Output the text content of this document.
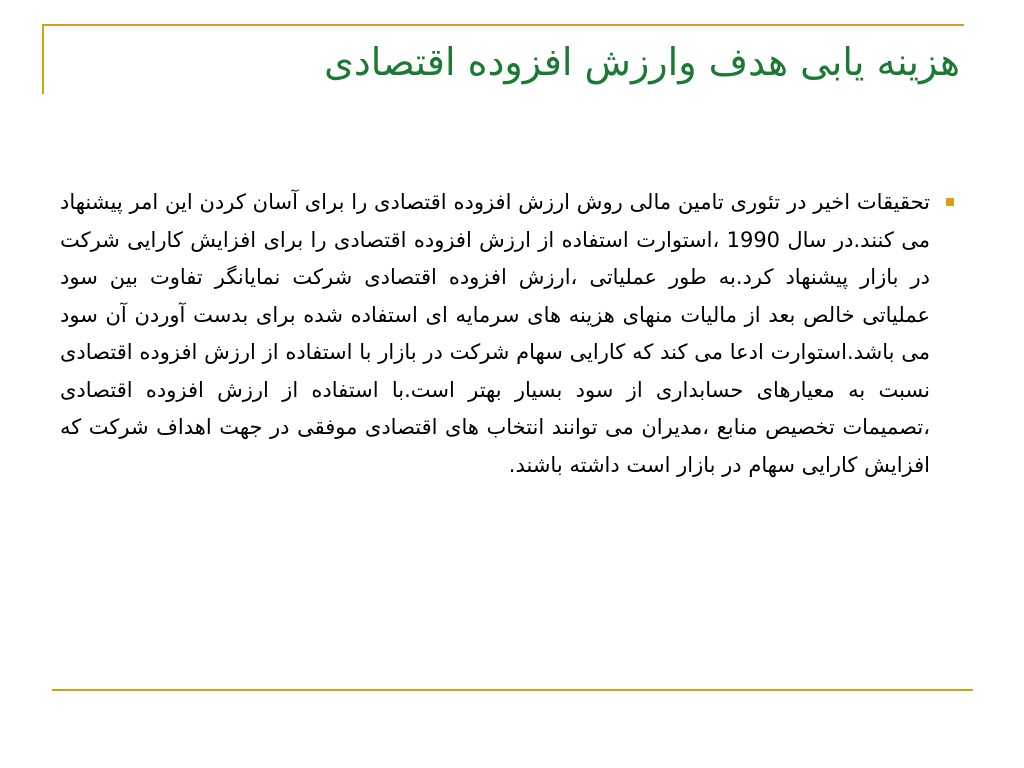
هزینه یابی هدف وارزش افزوده اقتصادی

تحقیقات اخیر در تئوری تامین مالی روش ارزش افزوده اقتصادی را برای آسان کردن این امر پیشنهاد می کنند.در سال 1990 ،استوارت استفاده از ارزش افزوده اقتصادی را برای افزایش کارایی شرکت در بازار پیشنهاد کرد.به طور عملیاتی ،ارزش افزوده اقتصادی شرکت نمایانگر تفاوت بین سود عملیاتی خالص بعد از مالیات منهای هزینه های سرمایه ای استفاده شده برای بدست آوردن آن سود می باشد.استوارت ادعا می کند که کارایی سهام شرکت در بازار با استفاده از ارزش افزوده اقتصادی نسبت به معیارهای حسابداری از سود بسیار بهتر است.با استفاده از ارزش افزوده اقتصادی ،تصمیمات تخصیص منابع ،مدیران می توانند انتخاب های اقتصادی موفقی در جهت اهداف شرکت که افزایش کارایی سهام در بازار است داشته باشند.
